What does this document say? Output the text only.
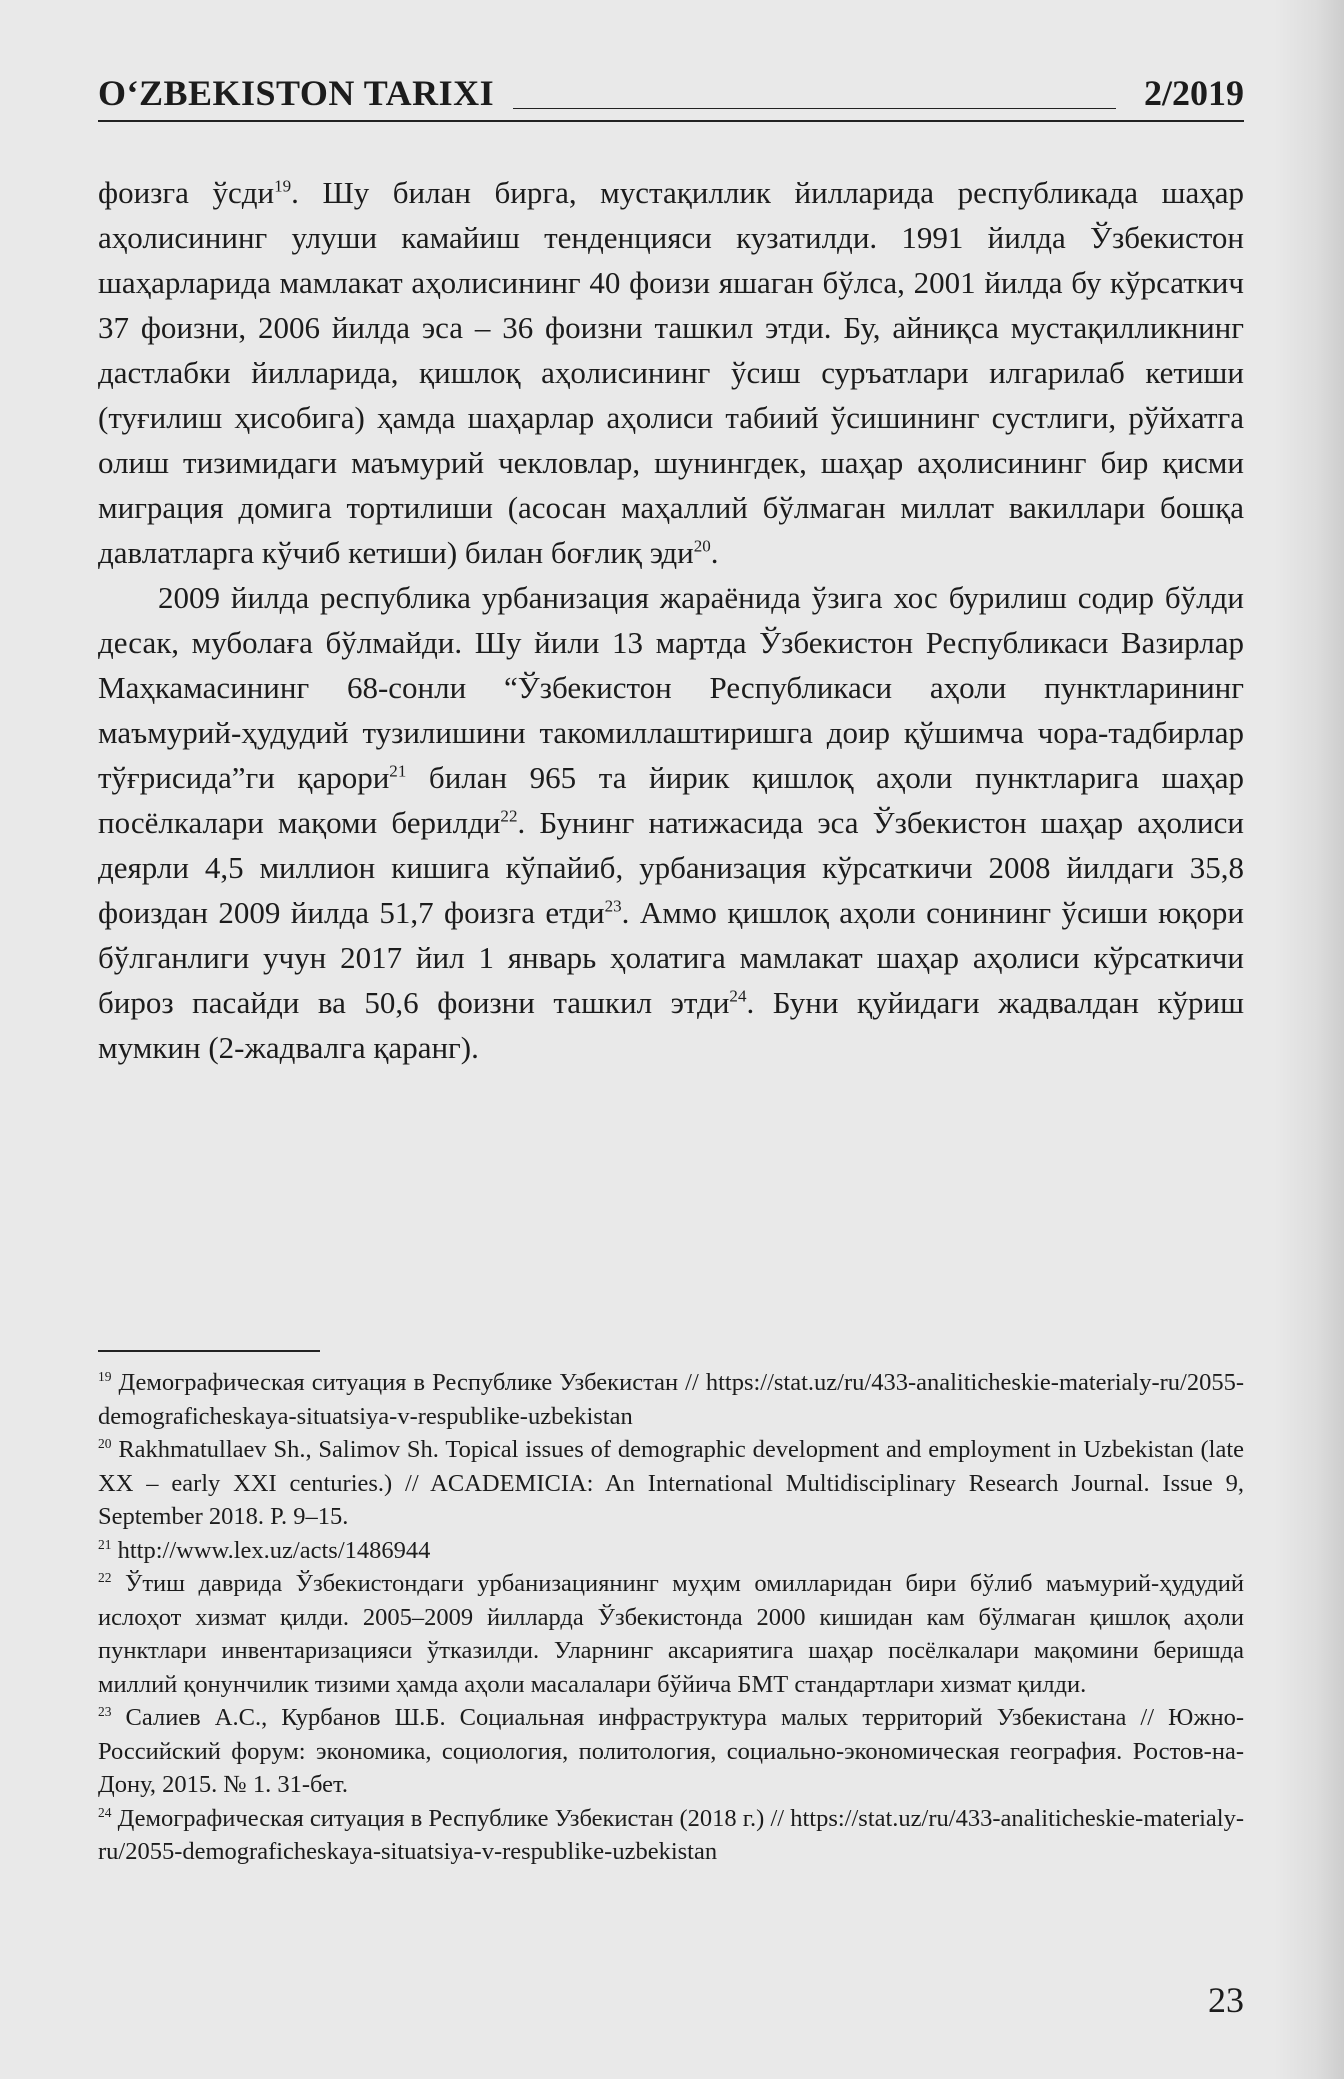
O‘ZBEKISTON TARIXI	2/2019

фоизга ўсди$^{19}$. Шу билан бирга, мустақиллик йилларида республикада шаҳар аҳолисининг улуши камайиш тенденцияси кузатилди. 1991 йилда Ўзбекистон шаҳарларида мамлакат аҳолисининг 40 фоизи яшаган бўлса, 2001 йилда бу кўрсаткич 37 фоизни, 2006 йилда эса – 36 фоизни ташкил этди. Бу, айниқса мустақилликнинг дастлабки йилларида, қишлоқ аҳолисининг ўсиш суръатлари илгарилаб кетиши (туғилиш ҳисобига) ҳамда шаҳарлар аҳолиси табиий ўсишининг сустлиги, рўйхатга олиш тизимидаги маъмурий чекловлар, шунингдек, шаҳар аҳолисининг бир қисми миграция домига тортилиши (асосан маҳаллий бўлмаган миллат вакиллари бошқа давлатларга кўчиб кетиши) билан боғлиқ эди$^{20}$.

2009 йилда республика урбанизация жараёнида ўзига хос бурилиш содир бўлди десак, муболаға бўлмайди. Шу йили 13 мартда Ўзбекистон Республикаси Вазирлар Маҳкамасининг 68-сонли “Ўзбекистон Республикаси аҳоли пунктларининг маъмурий-ҳудудий тузилишини такомиллаштиришга доир қўшимча чора-тадбирлар тўғрисида”ги қарори$^{21}$ билан 965 та йирик қишлоқ аҳоли пунктларига шаҳар посёлкалари мақоми берилди$^{22}$. Бунинг натижасида эса Ўзбекистон шаҳар аҳолиси деярли 4,5 миллион кишига кўпайиб, урбанизация кўрсаткичи 2008 йилдаги 35,8 фоиздан 2009 йилда 51,7 фоизга етди$^{23}$. Аммо қишлоқ аҳоли сонининг ўсиши юқори бўлганлиги учун 2017 йил 1 январь ҳолатига мамлакат шаҳар аҳолиси кўрсаткичи бироз пасайди ва 50,6 фоизни ташкил этди$^{24}$. Буни қуйидаги жадвалдан кўриш мумкин (2-жадвалга қаранг).

$^{19}$ Демографическая ситуация в Республике Узбекистан // https://stat.uz/ru/433-analiticheskie-materialy-ru/2055-demograficheskaya-situatsiya-v-respublike-uzbekistan

$^{20}$ Rakhmatullaev Sh., Salimov Sh. Topical issues of demographic development and employment in Uzbekistan (late XX – early XXI centuries.) // ACADEMICIA: An International Multidisciplinary Research Journal. Issue 9, September 2018. P. 9–15.

$^{21}$ http://www.lex.uz/acts/1486944

$^{22}$ Ўтиш даврида Ўзбекистондаги урбанизациянинг муҳим омилларидан бири бўлиб маъмурий-ҳудудий ислоҳот хизмат қилди. 2005–2009 йилларда Ўзбекистонда 2000 кишидан кам бўлмаган қишлоқ аҳоли пунктлари инвентаризацияси ўтказилди. Уларнинг аксариятига шаҳар посёлкалари мақомини беришда миллий қонунчилик тизими ҳамда аҳоли масалалари бўйича БМТ стандартлари хизмат қилди.

$^{23}$ Салиев А.С., Курбанов Ш.Б. Социальная инфраструктура малых территорий Узбекистана // Южно-Российский форум: экономика, социология, политология, социально-экономическая география. Ростов-на-Дону, 2015. № 1. 31-бет.

$^{24}$ Демографическая ситуация в Республике Узбекистан (2018 г.) // https://stat.uz/ru/433-analiticheskie-materialy-ru/2055-demograficheskaya-situatsiya-v-respublike-uzbekistan

23
